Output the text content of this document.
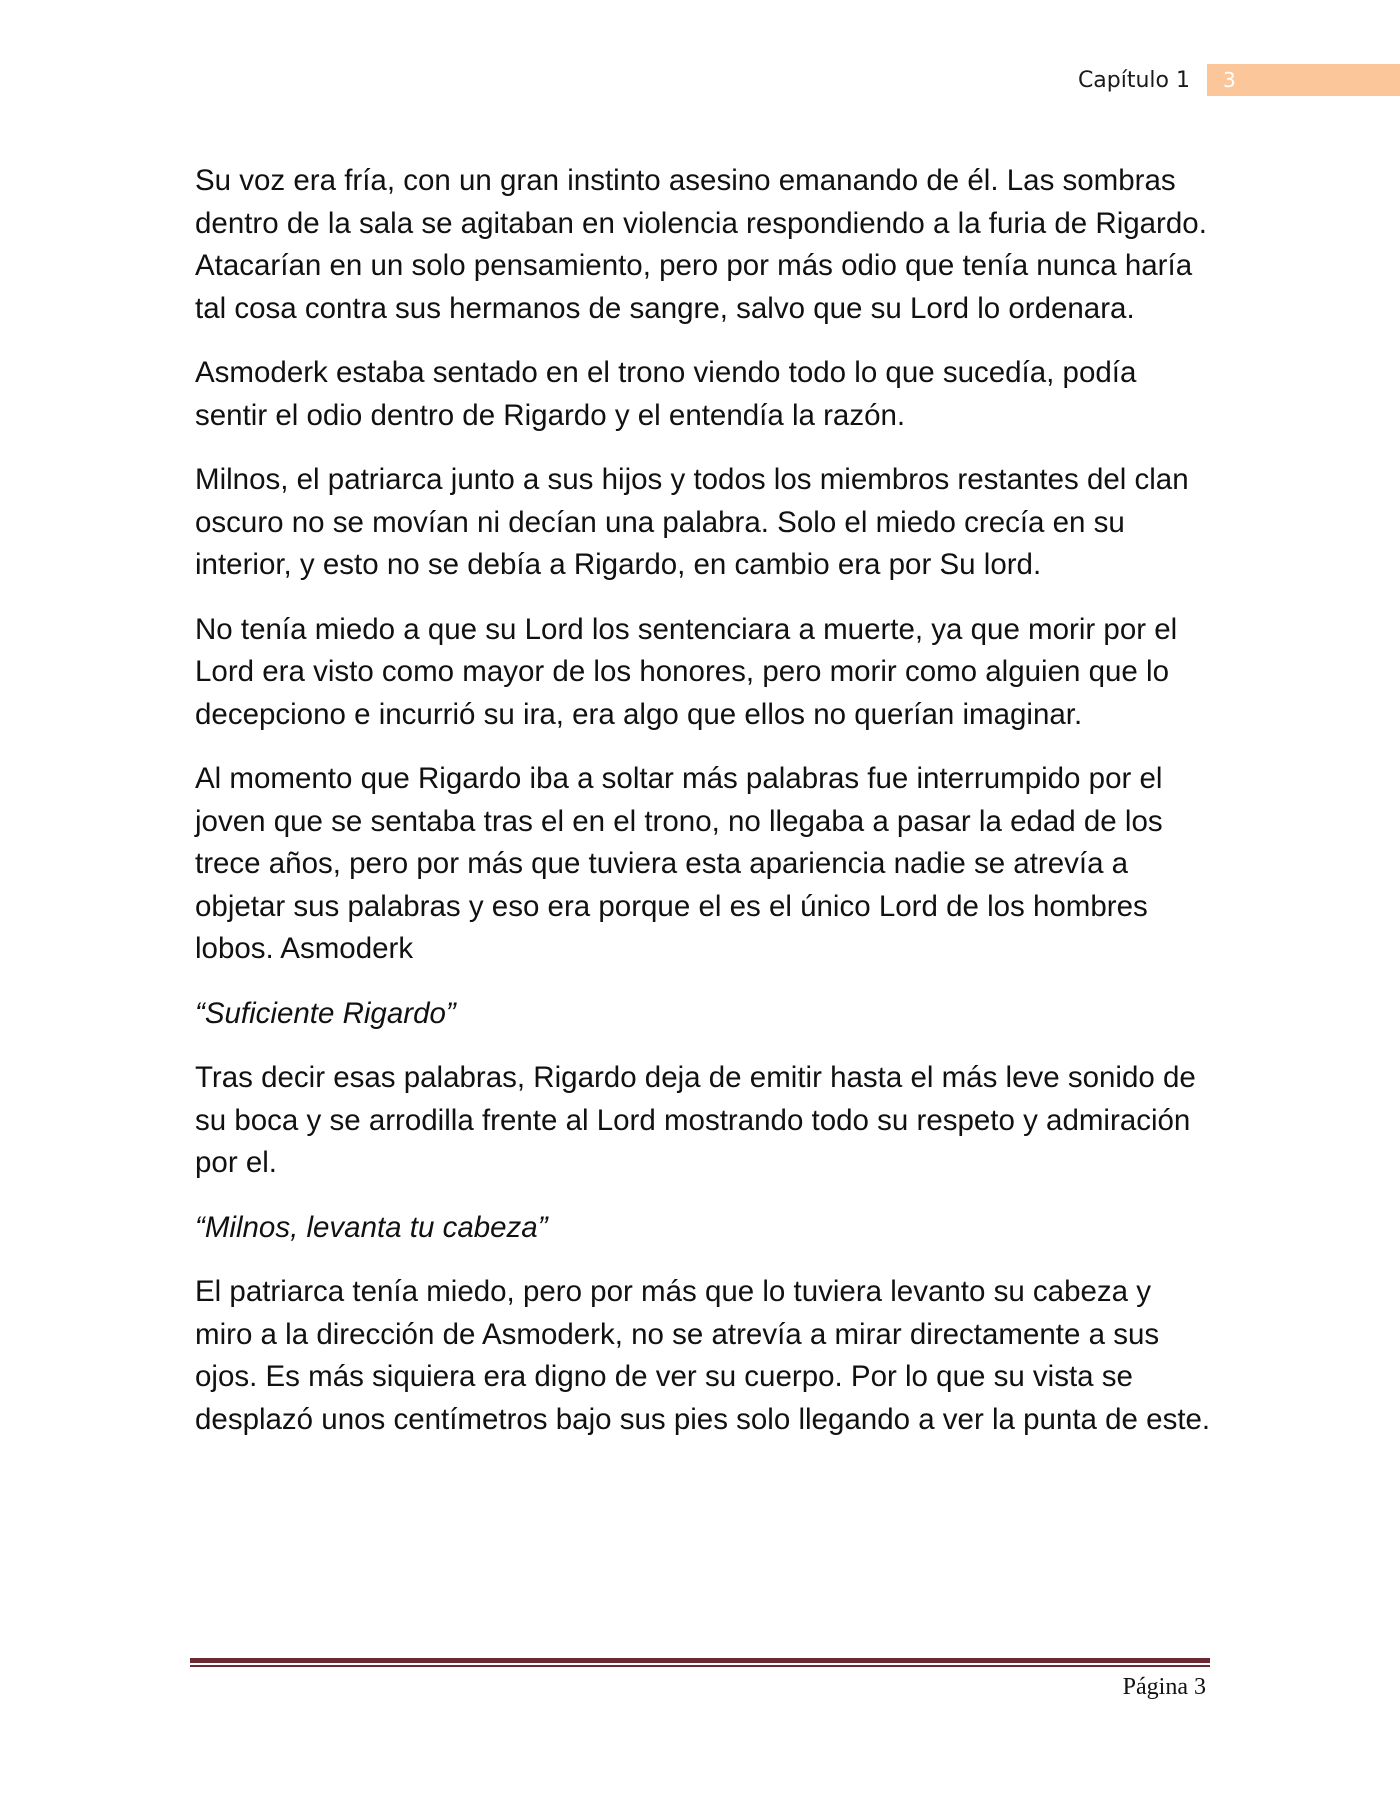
Capítulo 1	3

Su voz era fría, con un gran instinto asesino emanando de él. Las sombras dentro de la sala se agitaban en violencia respondiendo a la furia de Rigardo. Atacarían en un solo pensamiento, pero por más odio que tenía nunca haría tal cosa contra sus hermanos de sangre, salvo que su Lord lo ordenara.

Asmoderk estaba sentado en el trono viendo todo lo que sucedía, podía sentir el odio dentro de Rigardo y el entendía la razón.

Milnos, el patriarca junto a sus hijos y todos los miembros restantes del clan oscuro no se movían ni decían una palabra. Solo el miedo crecía en su interior, y esto no se debía a Rigardo, en cambio era por Su lord.

No tenía miedo a que su Lord los sentenciara a muerte, ya que morir por el Lord era visto como mayor de los honores, pero morir como alguien que lo decepciono e incurrió su ira, era algo que ellos no querían imaginar.

Al momento que Rigardo iba a soltar más palabras fue interrumpido por el joven que se sentaba tras el en el trono, no llegaba a pasar la edad de los trece años, pero por más que tuviera esta apariencia nadie se atrevía a objetar sus palabras y eso era porque el es el único Lord de los hombres lobos. Asmoderk

“Suficiente Rigardo”

Tras decir esas palabras, Rigardo deja de emitir hasta el más leve sonido de su boca y se arrodilla frente al Lord mostrando todo su respeto y admiración por el.

“Milnos, levanta tu cabeza”

El patriarca tenía miedo, pero por más que lo tuviera levanto su cabeza y miro a la dirección de Asmoderk, no se atrevía a mirar directamente a sus ojos. Es más siquiera era digno de ver su cuerpo. Por lo que su vista se desplazó unos centímetros bajo sus pies solo llegando a ver la punta de este.

Página 3
